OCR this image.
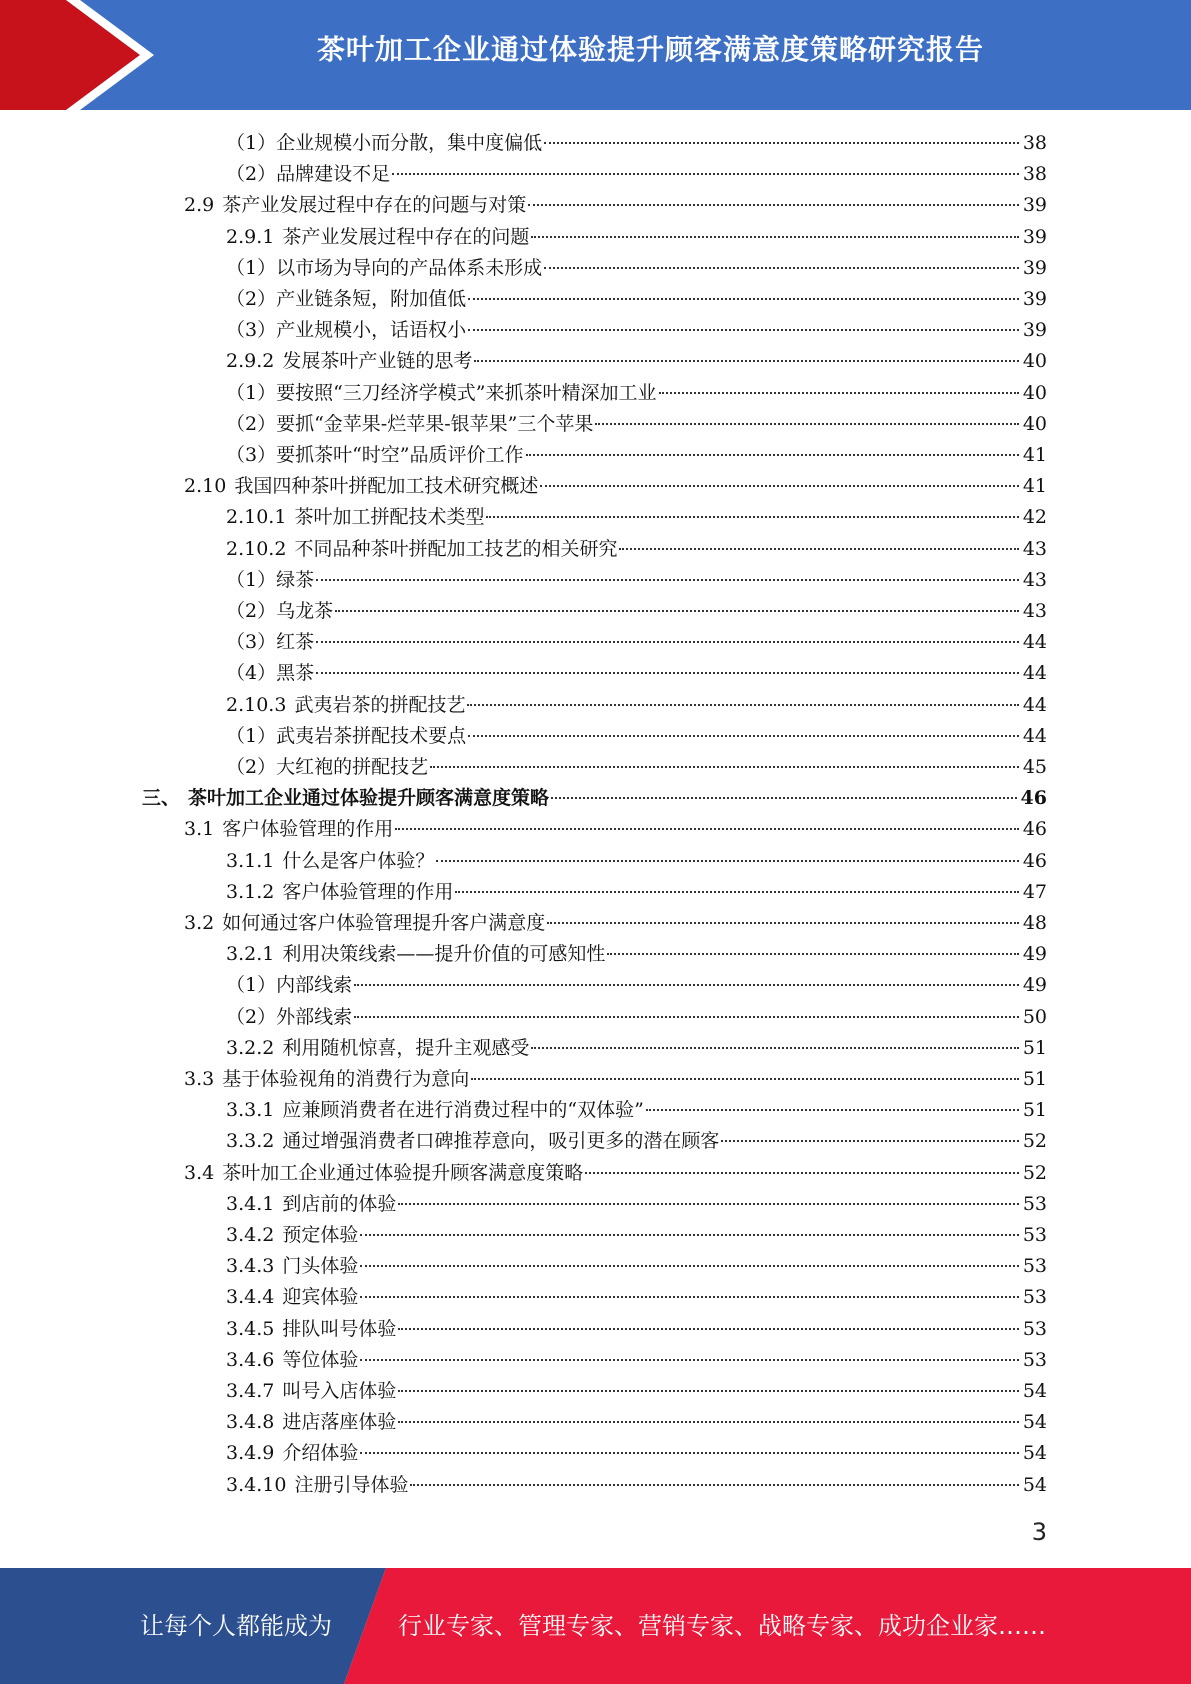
茶叶加工企业通过体验提升顾客满意度策略研究报告
（1） 企业规模小而分散，集中度偏低	38
（2） 品牌建设不足	38
2.9 茶产业发展过程中存在的问题与对策	39
2.9.1 茶产业发展过程中存在的问题	39
（1） 以市场为导向的产品体系未形成	39
（2） 产业链条短，附加值低	39
（3） 产业规模小，话语权小	39
2.9.2 发展茶叶产业链的思考	40
（1） 要按照“三刀经济学模式”来抓茶叶精深加工业	40
（2） 要抓“金苹果-烂苹果-银苹果”三个苹果	40
（3） 要抓茶叶“时空”品质评价工作	41
2.10 我国四种茶叶拼配加工技术研究概述	41
2.10.1 茶叶加工拼配技术类型	42
2.10.2 不同品种茶叶拼配加工技艺的相关研究	43
（1） 绿茶	43
（2） 乌龙茶	43
（3） 红茶	44
（4） 黑茶	44
2.10.3 武夷岩茶的拼配技艺	44
（1） 武夷岩茶拼配技术要点	44
（2） 大红袍的拼配技艺	45
三、 茶叶加工企业通过体验提升顾客满意度策略	46
3.1 客户体验管理的作用	46
3.1.1 什么是客户体验？	46
3.1.2 客户体验管理的作用	47
3.2 如何通过客户体验管理提升客户满意度	48
3.2.1 利用决策线索——提升价值的可感知性	49
（1） 内部线索	49
（2） 外部线索	50
3.2.2 利用随机惊喜，提升主观感受	51
3.3 基于体验视角的消费行为意向	51
3.3.1 应兼顾消费者在进行消费过程中的“双体验”	51
3.3.2 通过增强消费者口碑推荐意向，吸引更多的潜在顾客	52
3.4 茶叶加工企业通过体验提升顾客满意度策略	52
3.4.1 到店前的体验	53
3.4.2 预定体验	53
3.4.3 门头体验	53
3.4.4 迎宾体验	53
3.4.5 排队叫号体验	53
3.4.6 等位体验	53
3.4.7 叫号入店体验	54
3.4.8 进店落座体验	54
3.4.9 介绍体验	54
3.4.10 注册引导体验	54
3
让每个人都能成为	行业专家、管理专家、营销专家、战略专家、成功企业家……
